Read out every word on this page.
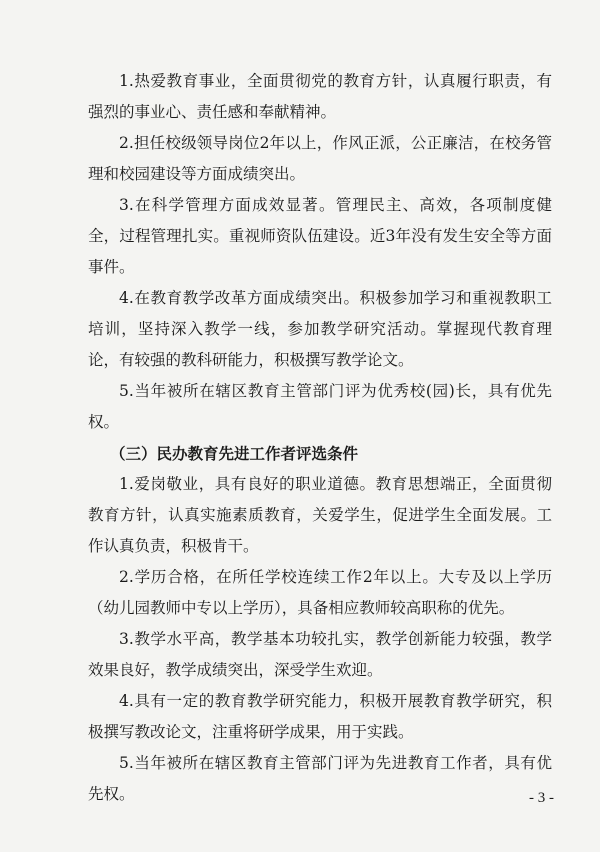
1.热爱教育事业，全面贯彻党的教育方针，认真履行职责，有强烈的事业心、责任感和奉献精神。

2.担任校级领导岗位2年以上，作风正派，公正廉洁，在校务管理和校园建设等方面成绩突出。

3.在科学管理方面成效显著。管理民主、高效，各项制度健全，过程管理扎实。重视师资队伍建设。近3年没有发生安全等方面事件。

4.在教育教学改革方面成绩突出。积极参加学习和重视教职工培训，坚持深入教学一线，参加教学研究活动。掌握现代教育理论，有较强的教科研能力，积极撰写教学论文。

5.当年被所在辖区教育主管部门评为优秀校(园)长，具有优先权。

（三）民办教育先进工作者评选条件

1.爱岗敬业，具有良好的职业道德。教育思想端正，全面贯彻教育方针，认真实施素质教育，关爱学生，促进学生全面发展。工作认真负责，积极肯干。

2.学历合格，在所任学校连续工作2年以上。大专及以上学历（幼儿园教师中专以上学历），具备相应教师较高职称的优先。

3.教学水平高，教学基本功较扎实，教学创新能力较强，教学效果良好，教学成绩突出，深受学生欢迎。

4.具有一定的教育教学研究能力，积极开展教育教学研究，积极撰写教改论文，注重将研学成果，用于实践。

5.当年被所在辖区教育主管部门评为先进教育工作者，具有优先权。	- 3 -
